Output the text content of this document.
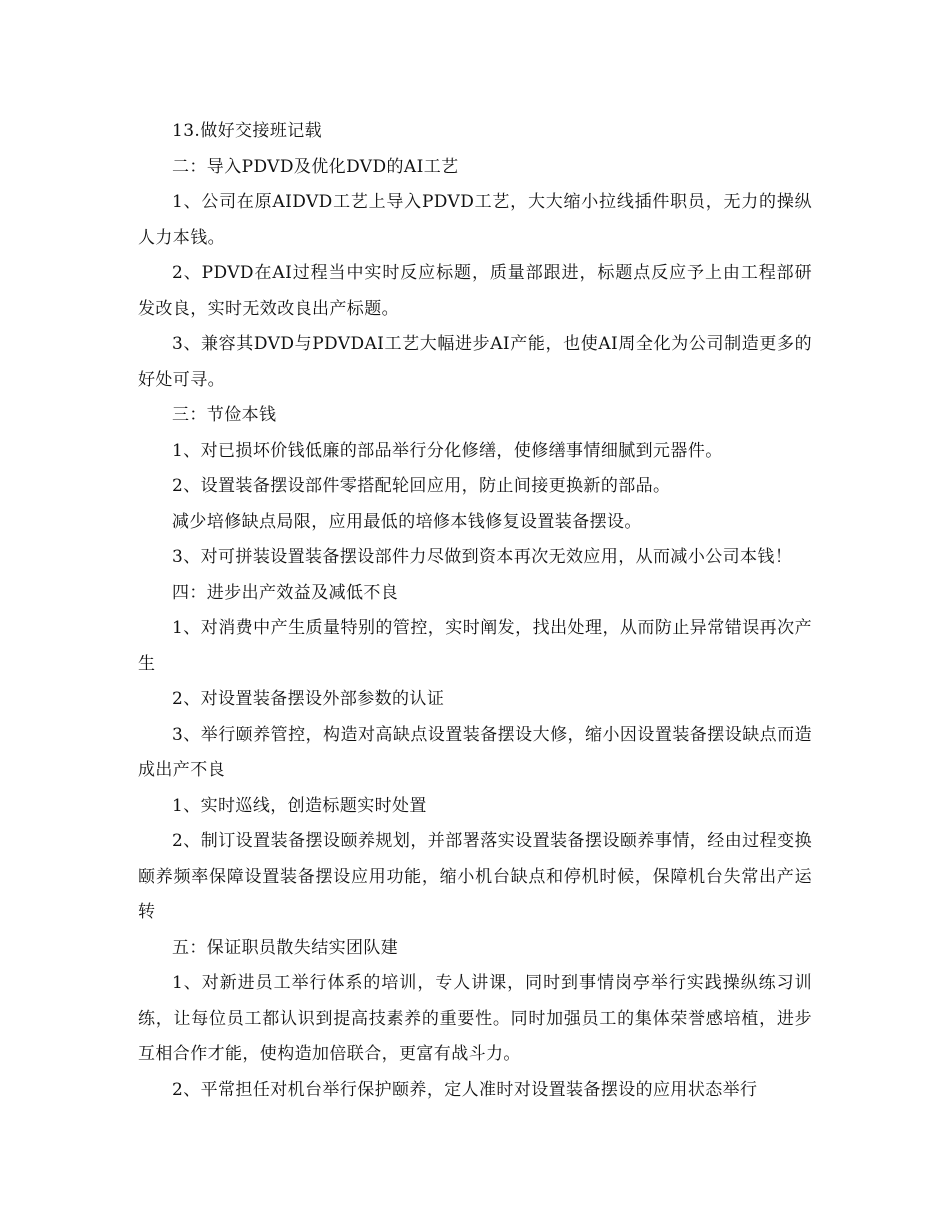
13.做好交接班记载

二：导入PDVD及优化DVD的AI工艺

1、公司在原AIDVD工艺上导入PDVD工艺，大大缩小拉线插件职员，无力的操纵人力本钱。

2、PDVD在AI过程当中实时反应标题，质量部跟进，标题点反应予上由工程部研发改良，实时无效改良出产标题。

3、兼容其DVD与PDVDAI工艺大幅进步AI产能，也使AI周全化为公司制造更多的好处可寻。

三：节俭本钱

1、对已损坏价钱低廉的部品举行分化修缮，使修缮事情细腻到元器件。

2、设置装备摆设部件零搭配轮回应用，防止间接更换新的部品。

减少培修缺点局限，应用最低的培修本钱修复设置装备摆设。

3、对可拼装设置装备摆设部件力尽做到资本再次无效应用，从而减小公司本钱！

四：进步出产效益及减低不良

1、对消费中产生质量特别的管控，实时阐发，找出处理，从而防止异常错误再次产生

2、对设置装备摆设外部参数的认证

3、举行颐养管控，构造对高缺点设置装备摆设大修，缩小因设置装备摆设缺点而造成出产不良

1、实时巡线，创造标题实时处置

2、制订设置装备摆设颐养规划，并部署落实设置装备摆设颐养事情，经由过程变换颐养频率保障设置装备摆设应用功能，缩小机台缺点和停机时候，保障机台失常出产运转

五：保证职员散失结实团队建

1、对新进员工举行体系的培训，专人讲课，同时到事情岗亭举行实践操纵练习训练，让每位员工都认识到提高技素养的重要性。同时加强员工的集体荣誉感培植，进步互相合作才能，使构造加倍联合，更富有战斗力。

2、平常担任对机台举行保护颐养，定人准时对设置装备摆设的应用状态举行
